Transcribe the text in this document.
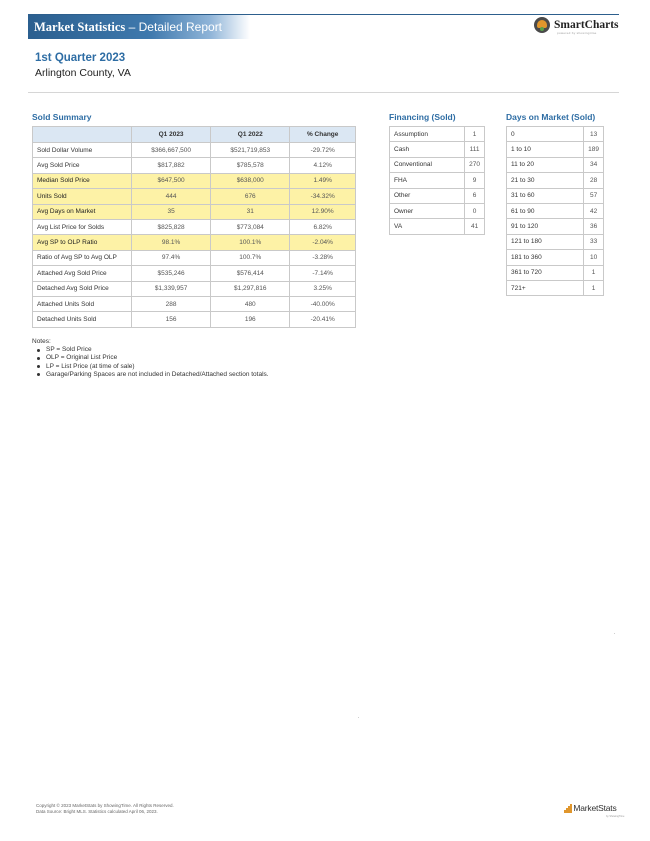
Market Statistics – Detailed Report	SmartCharts
powered by showingtime
1st Quarter 2023
Arlington County, VA
Sold Summary	Financing (Sold)	Days on Market (Sold)
	Q1 2023	Q1 2022	% Change
Sold Dollar Volume	$366,667,500	$521,719,853	-29.72%
Avg Sold Price	$817,882	$785,578	4.12%
Median Sold Price	$647,500	$638,000	1.49%
Units Sold	444	676	-34.32%
Avg Days on Market	35	31	12.90%
Avg List Price for Solds	$825,828	$773,084	6.82%
Avg SP to OLP Ratio	98.1%	100.1%	-2.04%
Ratio of Avg SP to Avg OLP	97.4%	100.7%	-3.28%
Attached Avg Sold Price	$535,246	$576,414	-7.14%
Detached Avg Sold Price	$1,339,957	$1,297,816	3.25%
Attached Units Sold	288	480	-40.00%
Detached Units Sold	156	196	-20.41%
Assumption	1
Cash	111
Conventional	270
FHA	9
Other	6
Owner	0
VA	41
0	13
1 to 10	189
11 to 20	34
21 to 30	28
31 to 60	57
61 to 90	42
91 to 120	36
121 to 180	33
181 to 360	10
361 to 720	1
721+	1
Notes:
SP = Sold Price
OLP = Original List Price
LP = List Price (at time of sale)
Garage/Parking Spaces are not included in Detached/Attached section totals.
Copyright © 2023 MarketStats by ShowingTime. All Rights Reserved.
Data Source: Bright MLS. Statistics calculated April 06, 2023.	MarketStats
by ShowingTime
